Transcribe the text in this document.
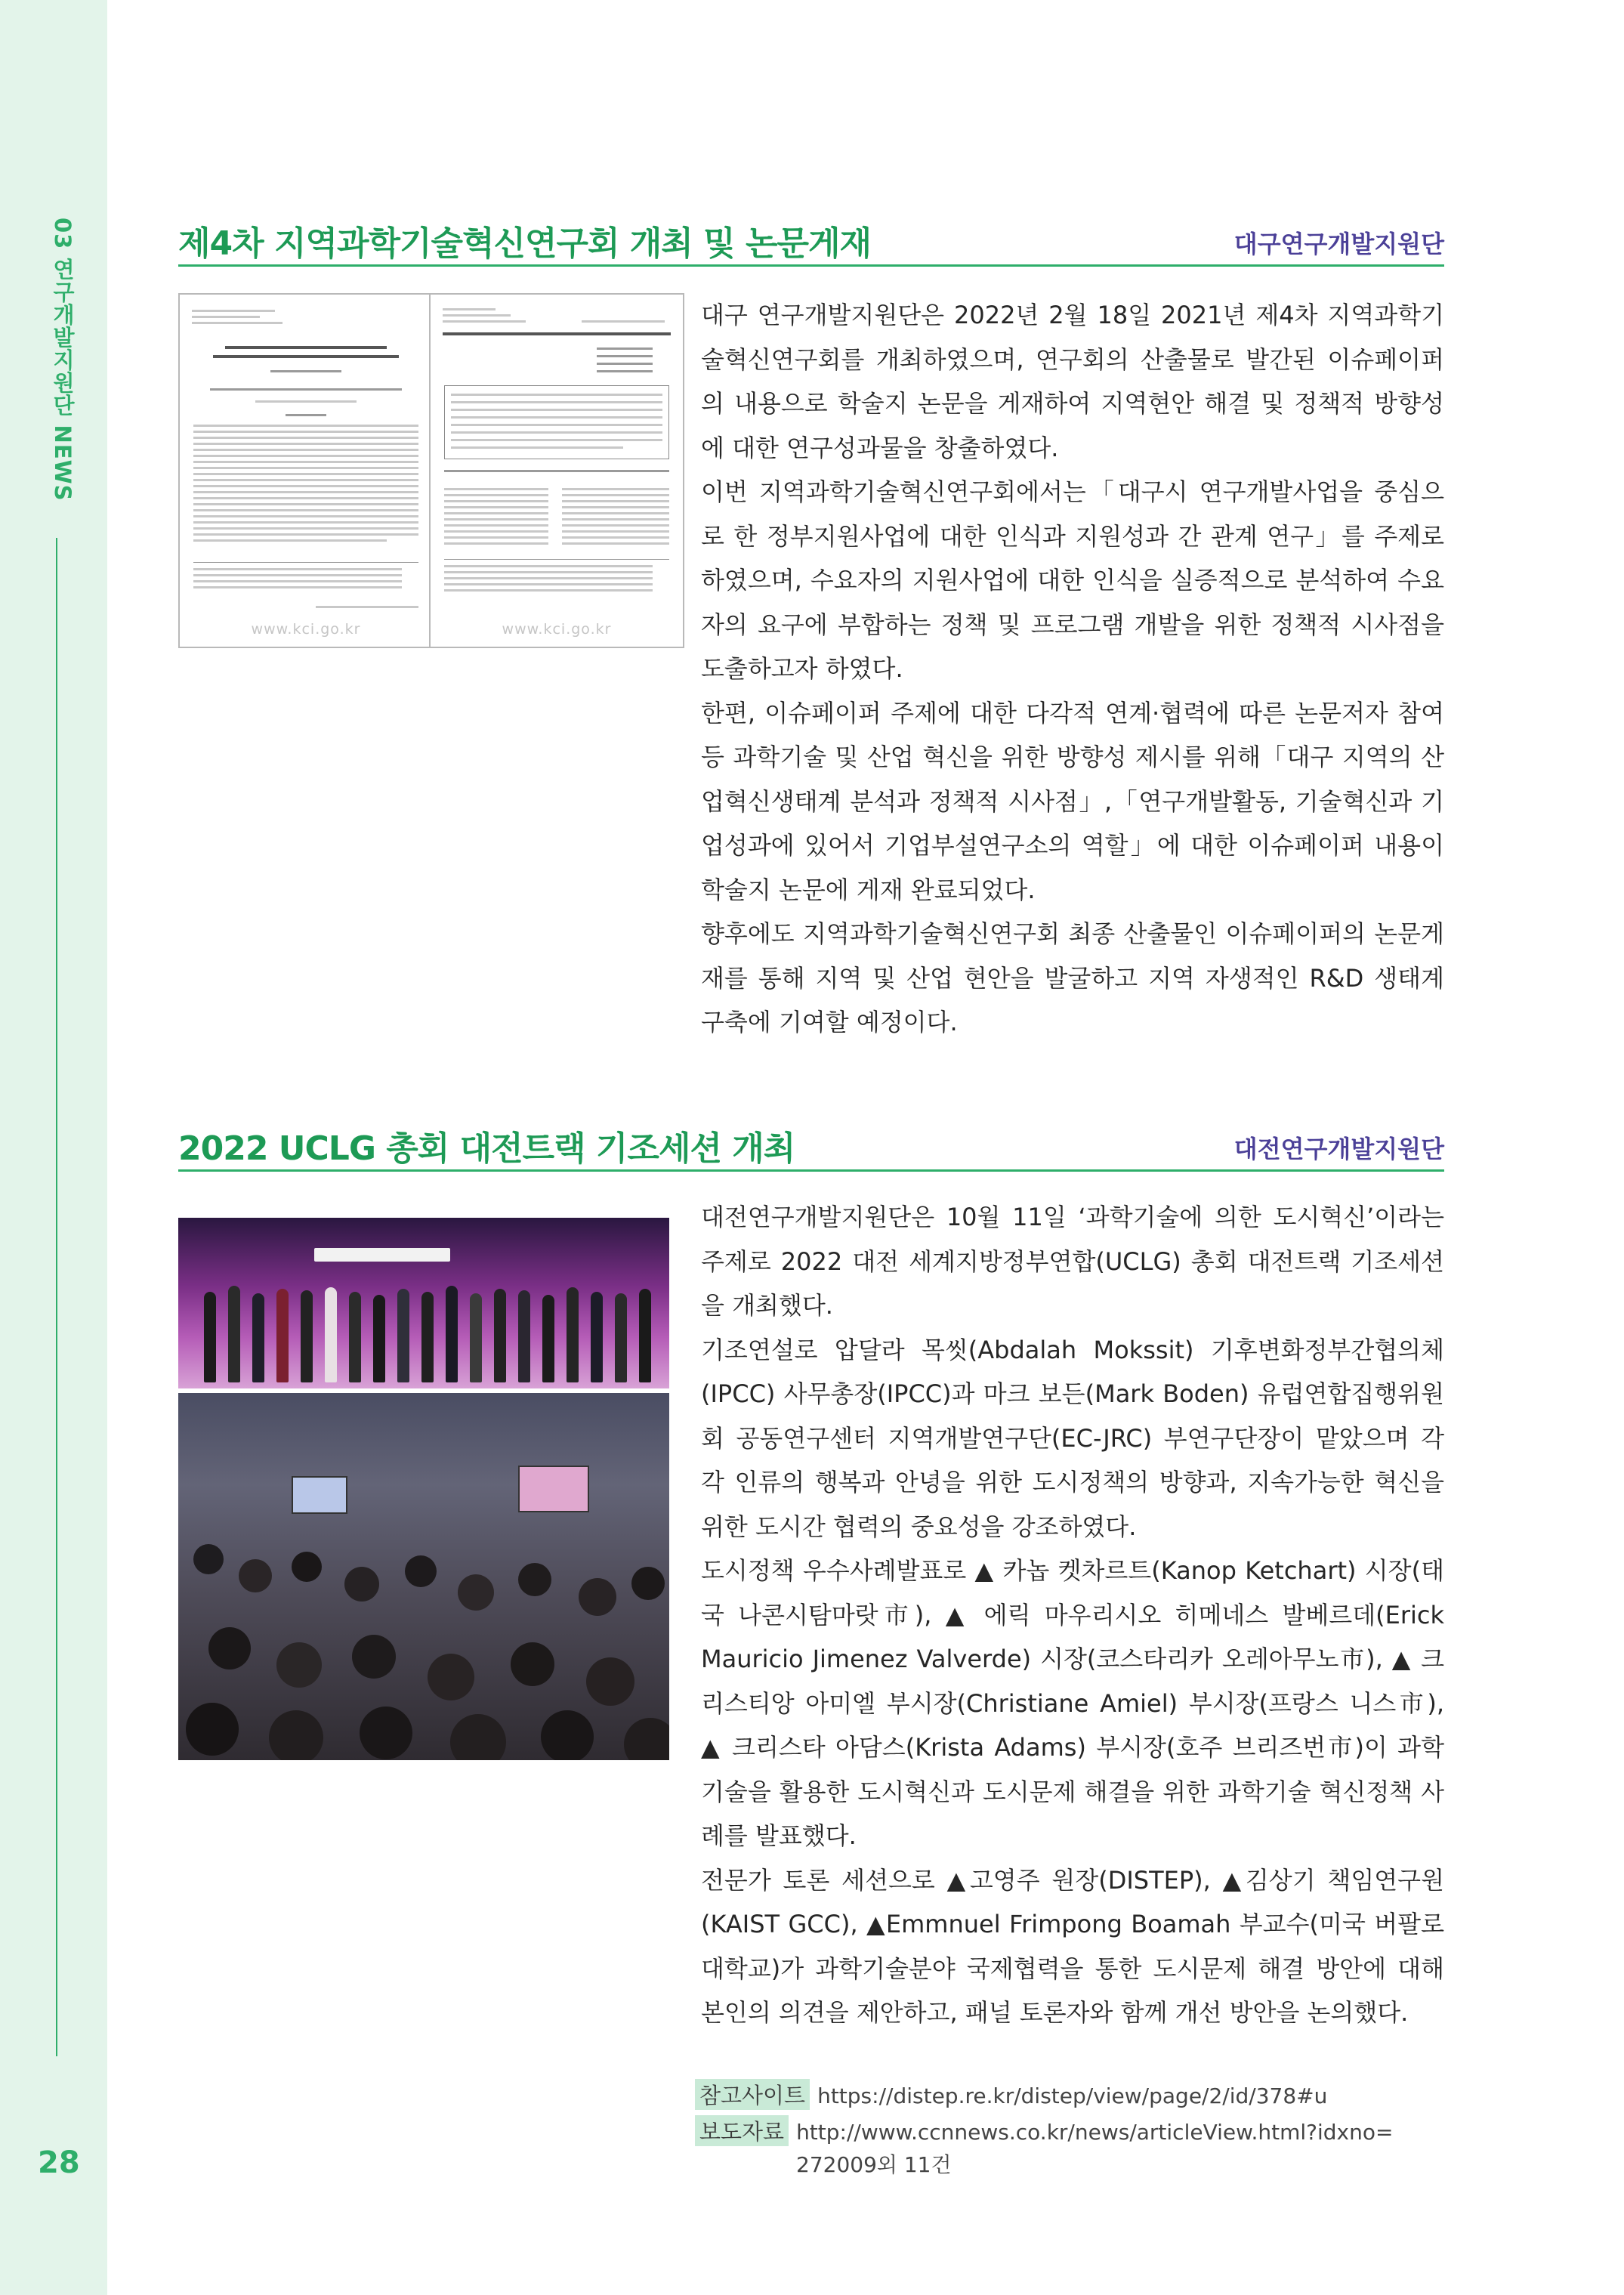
03 연구개발지원단 NEWS
28
제4차 지역과학기술혁신연구회 개최 및 논문게재	대구연구개발지원단
www.kci.go.kr	www.kci.go.kr

대구 연구개발지원단은 2022년 2월 18일 2021년 제4차 지역과학기술혁신연구회를 개최하였으며, 연구회의 산출물로 발간된 이슈페이퍼의 내용으로 학술지 논문을 게재하여 지역현안 해결 및 정책적 방향성에 대한 연구성과물을 창출하였다.

이번 지역과학기술혁신연구회에서는「대구시 연구개발사업을 중심으로 한 정부지원사업에 대한 인식과 지원성과 간 관계 연구」를 주제로 하였으며, 수요자의 지원사업에 대한 인식을 실증적으로 분석하여 수요자의 요구에 부합하는 정책 및 프로그램 개발을 위한 정책적 시사점을 도출하고자 하였다.

한편, 이슈페이퍼 주제에 대한 다각적 연계·협력에 따른 논문저자 참여 등 과학기술 및 산업 혁신을 위한 방향성 제시를 위해「대구 지역의 산업혁신생태계 분석과 정책적 시사점」,「연구개발활동, 기술혁신과 기업성과에 있어서 기업부설연구소의 역할」에 대한 이슈페이퍼 내용이 학술지 논문에 게재 완료되었다.

향후에도 지역과학기술혁신연구회 최종 산출물인 이슈페이퍼의 논문게재를 통해 지역 및 산업 현안을 발굴하고 지역 자생적인 R&D 생태계 구축에 기여할 예정이다.

2022 UCLG 총회 대전트랙 기조세션 개최	대전연구개발지원단

대전연구개발지원단은 10월 11일 ‘과학기술에 의한 도시혁신’이라는 주제로 2022 대전 세계지방정부연합(UCLG) 총회 대전트랙 기조세션을 개최했다.

기조연설로 압달라 목씻(Abdalah Mokssit) 기후변화정부간협의체(IPCC) 사무총장(IPCC)과 마크 보든(Mark Boden) 유럽연합집행위원회 공동연구센터 지역개발연구단(EC-JRC) 부연구단장이 맡았으며 각각 인류의 행복과 안녕을 위한 도시정책의 방향과, 지속가능한 혁신을 위한 도시간 협력의 중요성을 강조하였다.

도시정책 우수사례발표로 ▲ 카놉 켓차르트(Kanop Ketchart) 시장(태국 나콘시탐마랏市), ▲ 에릭 마우리시오 히메네스 발베르데(Erick Mauricio Jimenez Valverde) 시장(코스타리카 오레아무노市), ▲ 크리스티앙 아미엘 부시장(Christiane Amiel) 부시장(프랑스 니스市), ▲ 크리스타 아담스(Krista Adams) 부시장(호주 브리즈번市)이 과학기술을 활용한 도시혁신과 도시문제 해결을 위한 과학기술 혁신정책 사례를 발표했다.

전문가 토론 세션으로 ▲고영주 원장(DISTEP), ▲김상기 책임연구원(KAIST GCC), ▲Emmnuel Frimpong Boamah 부교수(미국 버팔로대학교)가 과학기술분야 국제협력을 통한 도시문제 해결 방안에 대해 본인의 의견을 제안하고, 패널 토론자와 함께 개선 방안을 논의했다.

참고사이트 https://distep.re.kr/distep/view/page/2/id/378#u
보도자료 http://www.ccnnews.co.kr/news/articleView.html?idxno=
272009외 11건
